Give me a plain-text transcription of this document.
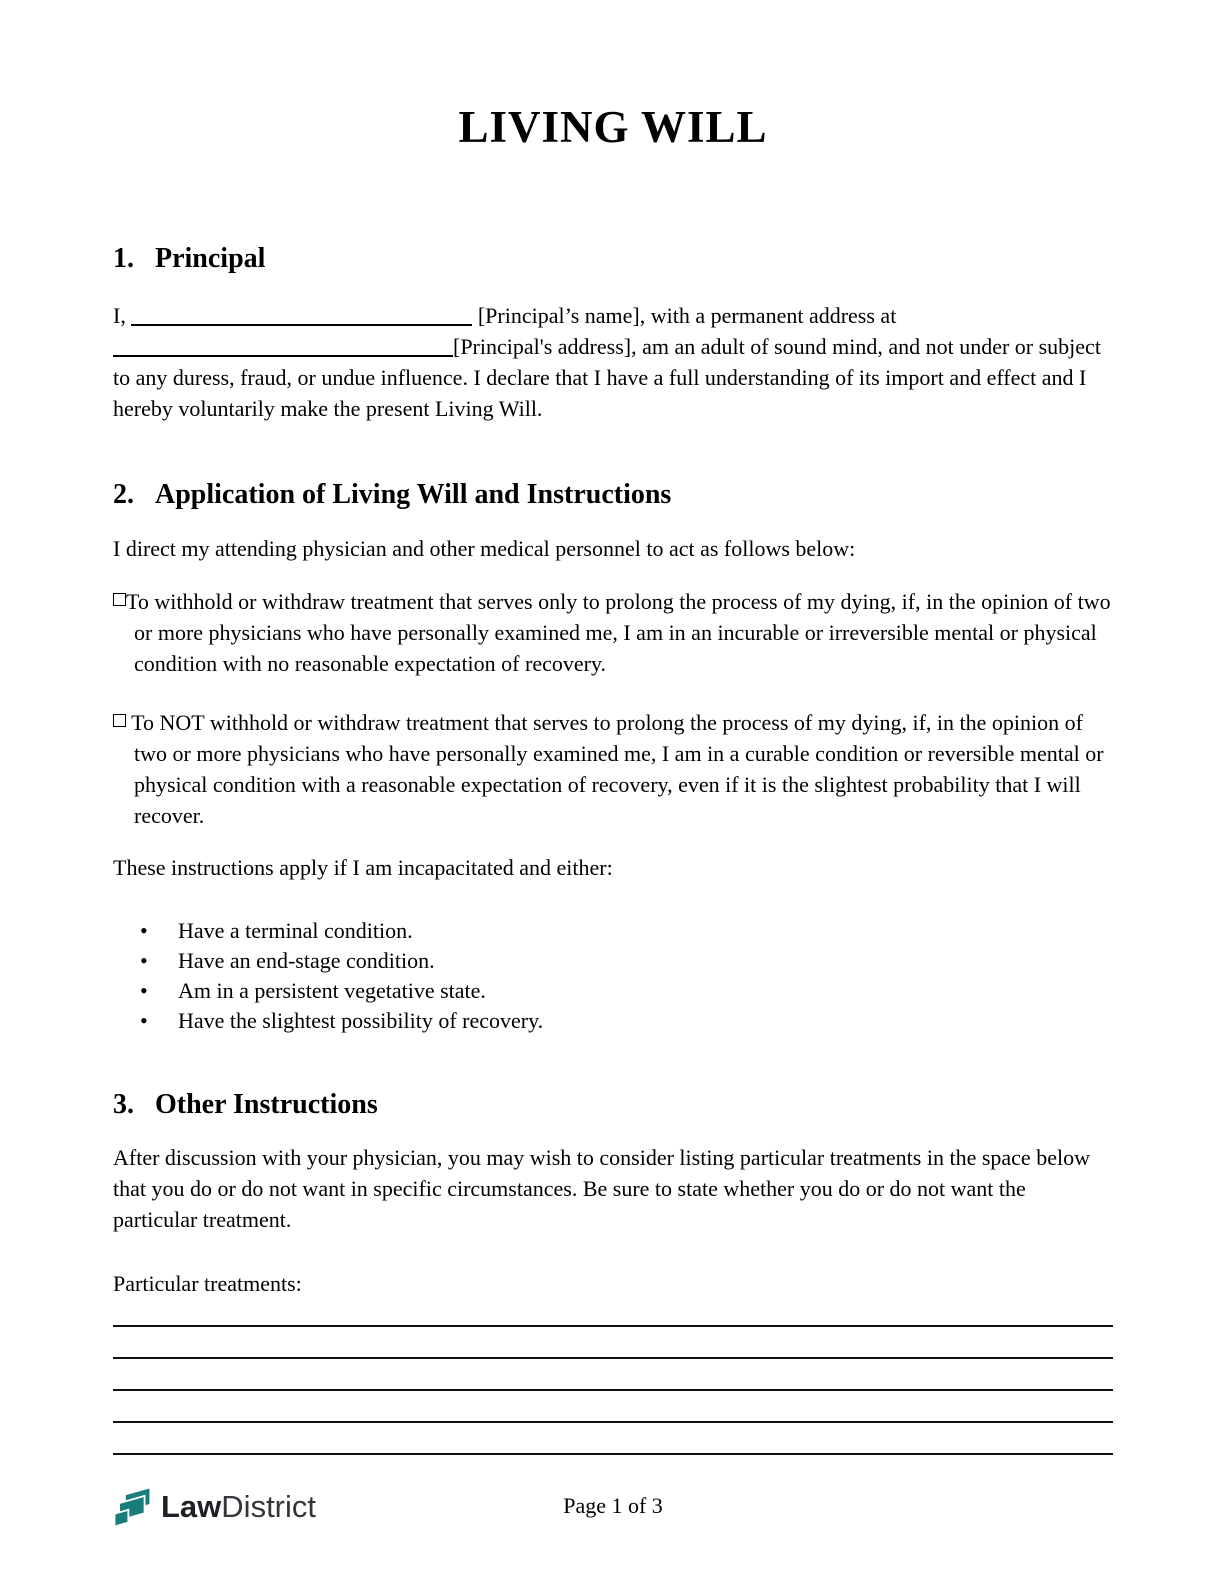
LIVING WILL
1. Principal

I,	[Principal’s name], with a permanent address at [Principal's address], am an adult of sound mind, and not under or subject to any duress, fraud, or undue influence. I declare that I have a full understanding of its import and effect and I hereby voluntarily make the present Living Will.

2. Application of Living Will and Instructions

I direct my attending physician and other medical personnel to act as follows below:

To withhold or withdraw treatment that serves only to prolong the process of my dying, if, in the opinion of two or more physicians who have personally examined me, I am in an incurable or irreversible mental or physical condition with no reasonable expectation of recovery.

To NOT withhold or withdraw treatment that serves to prolong the process of my dying, if, in the opinion of two or more physicians who have personally examined me, I am in a curable condition or reversible mental or physical condition with a reasonable expectation of recovery, even if it is the slightest probability that I will recover.

These instructions apply if I am incapacitated and either:

• Have a terminal condition.
• Have an end-stage condition.
• Am in a persistent vegetative state.
• Have the slightest possibility of recovery.
3. Other Instructions

After discussion with your physician, you may wish to consider listing particular treatments in the space below that you do or do not want in specific circumstances. Be sure to state whether you do or do not want the particular treatment.

Particular treatments:

LawDistrict	Page 1 of 3
